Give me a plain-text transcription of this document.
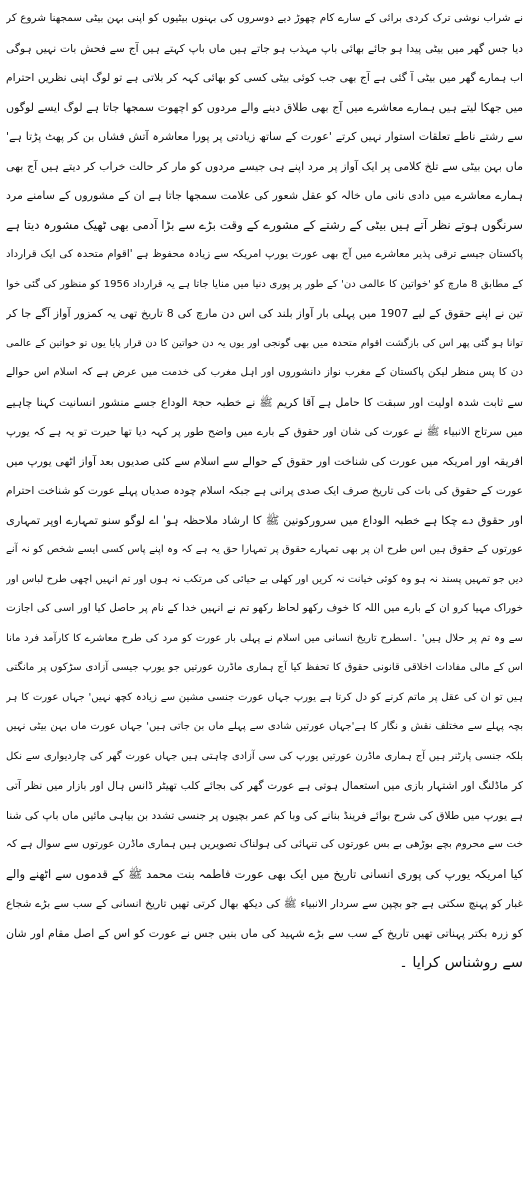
نے شراب نوشی ترک کردی برائی کے سارے کام چھوڑ دیے دوسروں کی بہنوں بیٹیوں کو اپنی بہن بیٹی سمجھنا شروع کر
دیا جس گھر میں بیٹی پیدا ہو جائے بھائی باپ مہذب ہو جاتے ہیں ماں باپ کہتے ہیں آج سے فحش بات نہیں ہوگی
اب ہمارے گھر میں بیٹی آ گئی ہے آج بھی جب کوئی بیٹی کسی کو بھائی کہہ کر بلاتی ہے تو لوگ اپنی نظریں احترام
میں جھکا لیتے ہیں ہمارے معاشرے میں آج بھی طلاق دینے والے مردوں کو اچھوت سمجھا جاتا ہے لوگ ایسے لوگوں
سے رشتے ناطے تعلقات استوار نہیں کرتے 'عورت کے ساتھ زیادتی پر پورا معاشرہ آتش فشاں بن کر پھٹ پڑتا ہے'
ماں بہن بیٹی سے تلخ کلامی پر ایک آواز پر مرد اپنے ہی جیسے مردوں کو مار کر حالت خراب کر دیتے ہیں آج بھی
ہمارے معاشرے میں دادی نانی ماں خالہ کو عقل شعور کی علامت سمجھا جاتا ہے ان کے مشوروں کے سامنے مرد
سرنگوں ہوتے نظر آتے ہیں بیٹی کے رشتے کے مشورے کے وقت بڑے سے بڑا آدمی بھی ٹھیک مشورہ دیتا ہے
پاکستان جیسے ترقی پذیر معاشرے میں آج بھی عورت یورپ امریکہ سے زیادہ محفوظ ہے 'اقوام متحدہ کی ایک قرارداد
کے مطابق 8 مارچ کو 'خواتین کا عالمی دن' کے طور پر پوری دنیا میں منایا جاتا ہے یہ قرارداد 1956 کو منظور کی گئی خوا
تین نے اپنے حقوق کے لیے 1907 میں پہلی بار آواز بلند کی اس دن مارچ کی 8 تاریخ تھی یہ کمزور آواز آگے جا کر
توانا ہو گئی پھر اس کی بازگشت اقوام متحدہ میں بھی گونجی اور یوں یہ دن خواتین کا دن قرار پایا یوں تو خواتین کے عالمی
دن کا پس منظر لیکن پاکستان کے مغرب نواز دانشوروں اور اہل مغرب کی خدمت میں عرض ہے کہ اسلام اس حوالے
سے ثابت شدہ اولیت اور سبقت کا حامل ہے آقا کریم ﷺ نے خطبہ حجۃ الوداع جسے منشور انسانیت کہنا چاہیے
میں سرتاج الانبیاء ﷺ نے عورت کی شان اور حقوق کے بارے میں واضح طور پر کہہ دیا تھا حیرت تو یہ ہے کہ یورپ
افریقہ اور امریکہ میں عورت کی شناخت اور حقوق کے حوالے سے اسلام سے کئی صدیوں بعد آواز اٹھی یورپ میں
عورت کے حقوق کی بات کی تاریخ صرف ایک صدی پرانی ہے جبکہ اسلام چودہ صدیاں پہلے عورت کو شناخت احترام
اور حقوق دے چکا ہے خطبہ الوداع میں سرورکونین ﷺ کا ارشاد ملاحظہ ہو' اے لوگو سنو تمہارے اوپر تمہاری
عورتوں کے حقوق ہیں اس طرح ان پر بھی تمہارے حقوق پر تمہارا حق یہ ہے کہ وہ اپنے پاس کسی ایسے شخص کو نہ آنے
دیں جو تمہیں پسند نہ ہو وہ کوئی خیانت نہ کریں اور کھلی بے حیائی کی مرتکب نہ ہوں اور تم انہیں اچھی طرح لباس اور
خوراک مہیا کرو ان کے بارے میں اللہ کا خوف رکھو لحاظ رکھو تم نے انہیں خدا کے نام پر حاصل کیا اور اسی کی اجازت
سے وہ تم پر حلال ہیں' ۔اسطرح تاریخ انسانی میں اسلام نے پہلی بار عورت کو مرد کی طرح معاشرے کا کارآمد فرد مانا
اس کے مالی مفادات اخلاقی قانونی حقوق کا تحفظ کیا آج ہماری ماڈرن عورتیں جو یورپ جیسی آزادی سڑکوں پر مانگتی
ہیں تو ان کی عقل پر ماتم کرنے کو دل کرتا ہے یورپ جہاں عورت جنسی مشین سے زیادہ کچھ نہیں' جہاں عورت کا ہر
بچہ پہلے سے مختلف نقش و نگار کا ہے'جہاں عورتیں شادی سے پہلے ماں بن جاتی ہیں' جہاں عورت ماں بہن بیٹی نہیں
بلکہ جنسی پارٹنر ہیں آج ہماری ماڈرن عورتیں یورپ کی سی آزادی چاہتی ہیں جہاں عورت گھر کی چاردیواری سے نکل
کر ماڈلنگ اور اشتہار بازی میں استعمال ہوتی ہے عورت گھر کی بجائے کلب تھیٹر ڈانس ہال اور بازار میں نظر آتی
ہے یورپ میں طلاق کی شرح بوائے فرینڈ بنانے کی وبا کم عمر بچیوں پر جنسی تشدد بن بیاہی مائیں ماں باپ کی شنا
خت سے محروم بچے بوڑھی بے بس عورتوں کی تنہائی کی ہولناک تصویریں ہیں ہماری ماڈرن عورتوں سے سوال ہے کہ
کیا امریکہ یورپ کی پوری انسانی تاریخ میں ایک بھی عورت فاطمہ بنت محمد ﷺ کے قدموں سے اٹھنے والے
غبار کو پہنچ سکتی ہے جو بچپن سے سردار الانبیاء ﷺ کی دیکھ بھال کرتی تھیں تاریخ انسانی کے سب سے بڑے شجاع
کو زرہ بکتر پہناتی تھیں تاریخ کے سب سے بڑے شہید کی ماں بنیں جس نے عورت کو اس کے اصل مقام اور شان
سے روشناس کرایا ۔
